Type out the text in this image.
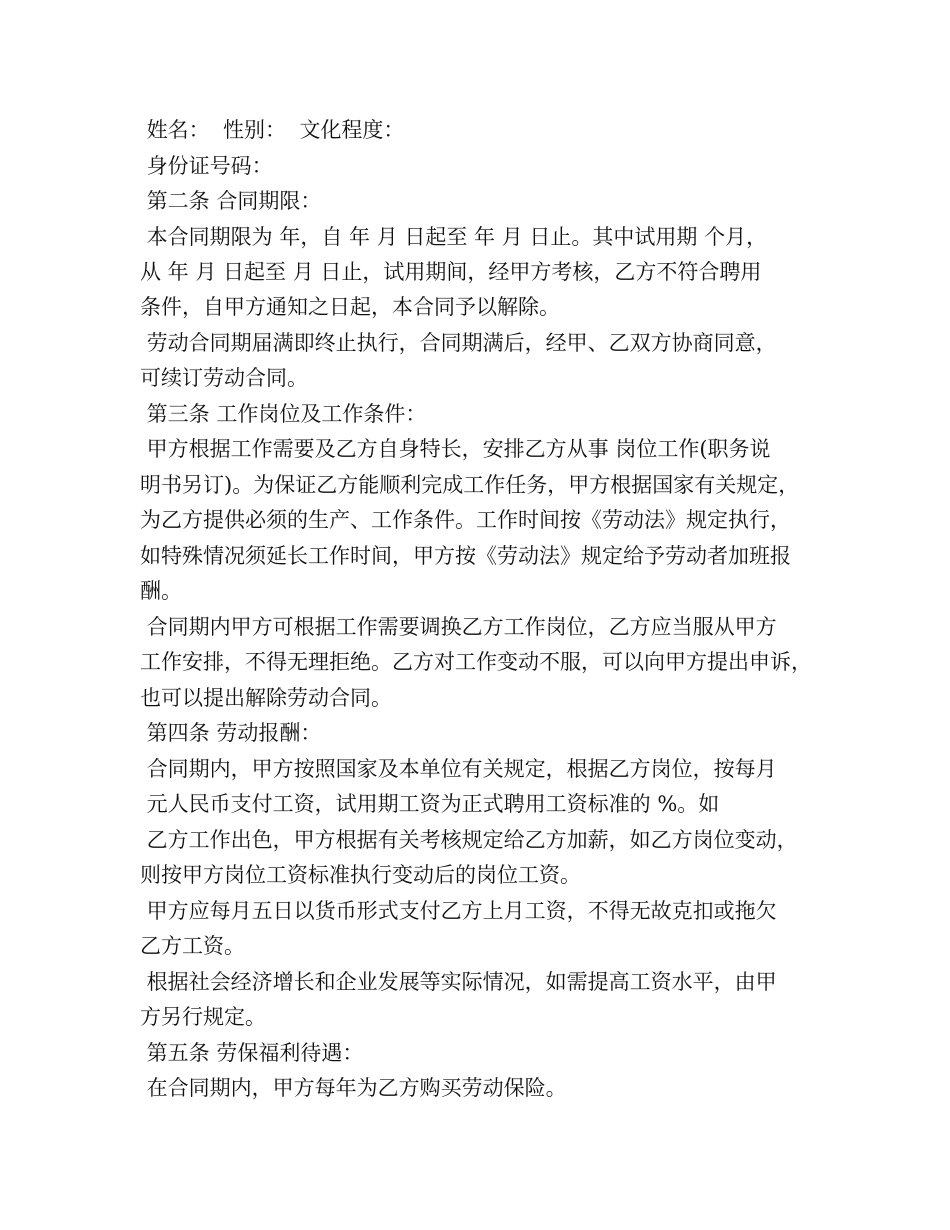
姓名：  性别：  文化程度：
身份证号码：
第二条 合同期限：
本合同期限为 年，自 年 月 日起至 年 月 日止。其中试用期 个月，
从 年 月 日起至 月 日止，试用期间，经甲方考核，乙方不符合聘用
条件，自甲方通知之日起，本合同予以解除。
劳动合同期届满即终止执行，合同期满后，经甲、乙双方协商同意，
可续订劳动合同。
第三条 工作岗位及工作条件：
甲方根据工作需要及乙方自身特长，安排乙方从事 岗位工作(职务说
明书另订)。为保证乙方能顺利完成工作任务，甲方根据国家有关规定，
为乙方提供必须的生产、工作条件。工作时间按《劳动法》规定执行，
如特殊情况须延长工作时间，甲方按《劳动法》规定给予劳动者加班报
酬。
合同期内甲方可根据工作需要调换乙方工作岗位，乙方应当服从甲方
工作安排，不得无理拒绝。乙方对工作变动不服，可以向甲方提出申诉，
也可以提出解除劳动合同。
第四条 劳动报酬：
合同期内，甲方按照国家及本单位有关规定，根据乙方岗位，按每月
元人民币支付工资，试用期工资为正式聘用工资标准的 %。如
乙方工作出色，甲方根据有关考核规定给乙方加薪，如乙方岗位变动，
则按甲方岗位工资标准执行变动后的岗位工资。
甲方应每月五日以货币形式支付乙方上月工资，不得无故克扣或拖欠
乙方工资。
根据社会经济增长和企业发展等实际情况，如需提高工资水平，由甲
方另行规定。
第五条 劳保福利待遇：
在合同期内，甲方每年为乙方购买劳动保险。
